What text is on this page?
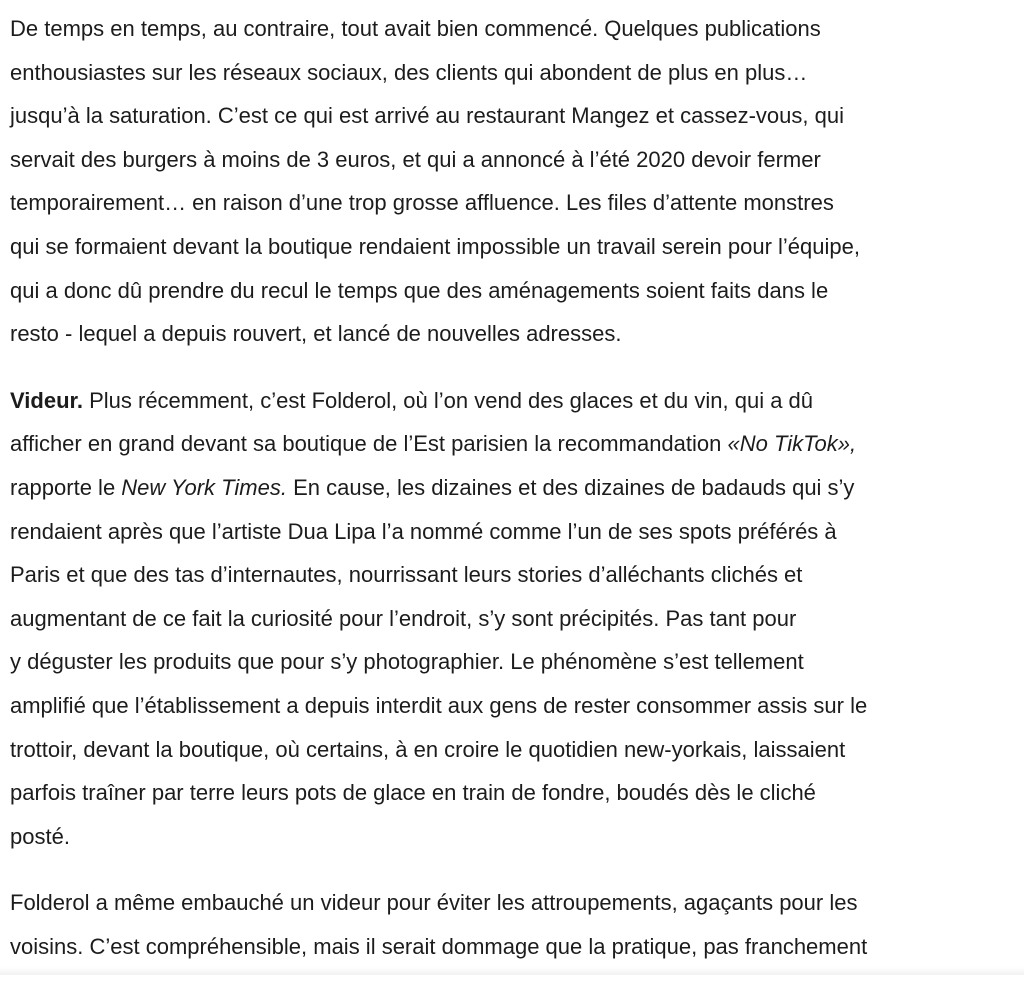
De temps en temps, au contraire, tout avait bien commencé. Quelques publications
enthousiastes sur les réseaux sociaux, des clients qui abondent de plus en plus…
jusqu’à la saturation. C’est ce qui est arrivé au restaurant Mangez et cassez-vous, qui
servait des burgers à moins de 3 euros, et qui a annoncé à l’été 2020 devoir fermer
temporairement… en raison d’une trop grosse affluence. Les files d’attente monstres
qui se formaient devant la boutique rendaient impossible un travail serein pour l’équipe,
qui a donc dû prendre du recul le temps que des aménagements soient faits dans le
resto - lequel a depuis rouvert, et lancé de nouvelles adresses.

Videur. Plus récemment, c’est Folderol, où l’on vend des glaces et du vin, qui a dû
afficher en grand devant sa boutique de l’Est parisien la recommandation «No TikTok»,
rapporte le New York Times. En cause, les dizaines et des dizaines de badauds qui s’y
rendaient après que l’artiste Dua Lipa l’a nommé comme l’un de ses spots préférés à
Paris et que des tas d’internautes, nourrissant leurs stories d’alléchants clichés et
augmentant de ce fait la curiosité pour l’endroit, s’y sont précipités. Pas tant pour
y déguster les produits que pour s’y photographier. Le phénomène s’est tellement
amplifié que l’établissement a depuis interdit aux gens de rester consommer assis sur le
trottoir, devant la boutique, où certains, à en croire le quotidien new-yorkais, laissaient
parfois traîner par terre leurs pots de glace en train de fondre, boudés dès le cliché
posté.

Folderol a même embauché un videur pour éviter les attroupements, agaçants pour les
voisins. C’est compréhensible, mais il serait dommage que la pratique, pas franchement
